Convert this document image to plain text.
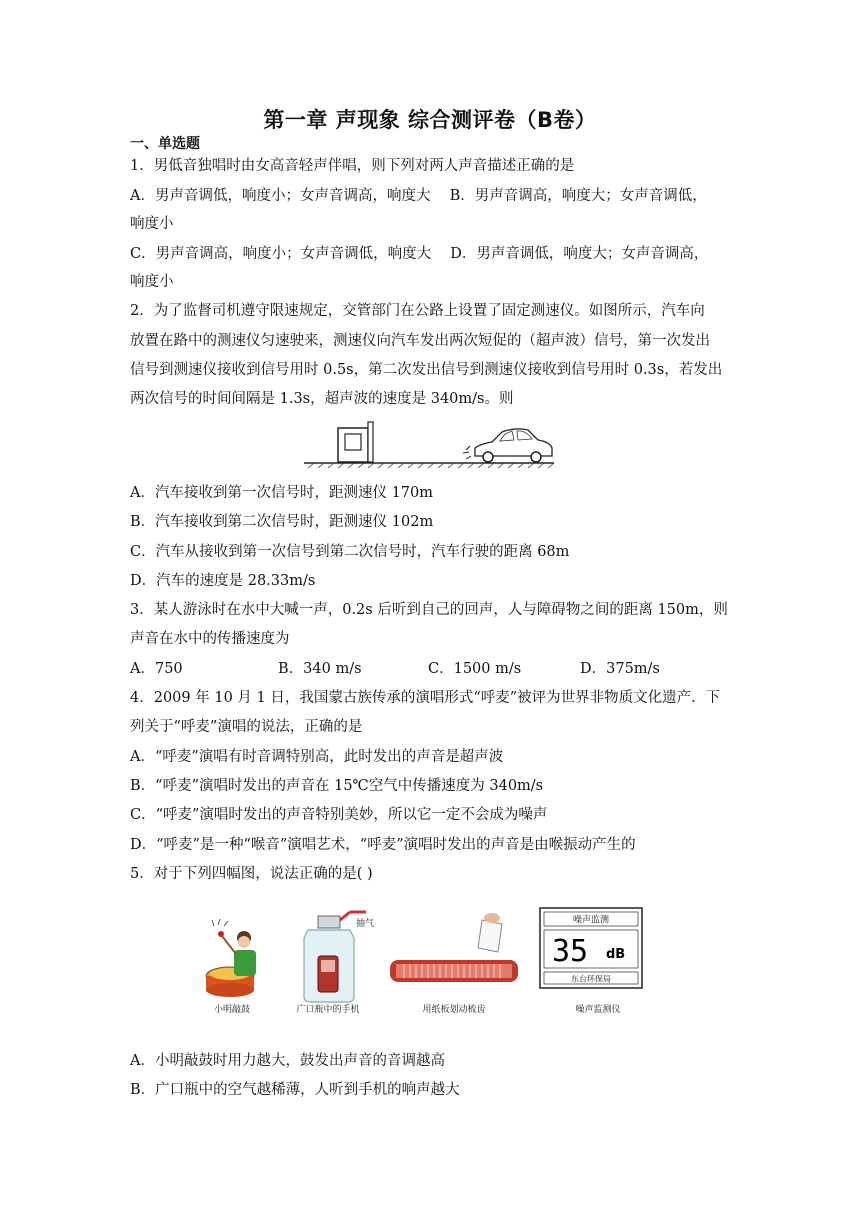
第一章 声现象 综合测评卷（B卷）
一、单选题
1．男低音独唱时由女高音轻声伴唱，则下列对两人声音描述正确的是
A．男声音调低，响度小；女声音调高，响度大　 B．男声音调高，响度大；女声音调低，
响度小
C．男声音调高，响度小；女声音调低，响度大　 D．男声音调低，响度大；女声音调高，
响度小
2．为了监督司机遵守限速规定，交管部门在公路上设置了固定测速仪。如图所示，汽车向
放置在路中的测速仪匀速驶来，测速仪向汽车发出两次短促的（超声波）信号，第一次发出
信号到测速仪接收到信号用时 0.5s，第二次发出信号到测速仪接收到信号用时 0.3s，若发出
两次信号的时间间隔是 1.3s，超声波的速度是 340m/s。则
A．汽车接收到第一次信号时，距测速仪 170m
B．汽车接收到第二次信号时，距测速仪 102m
C．汽车从接收到第一次信号到第二次信号时，汽车行驶的距离 68m
D．汽车的速度是 28.33m/s
3．某人游泳时在水中大喊一声，0.2s 后听到自己的回声，人与障碍物之间的距离 150m，则
声音在水中的传播速度为
A．750	B．340 m/s	C．1500 m/s	D．375m/s
4．2009 年 10 月 1 日，我国蒙古族传承的演唱形式“呼麦”被评为世界非物质文化遗产．下
列关于“呼麦”演唱的说法，正确的是
A．“呼麦”演唱有时音调特别高，此时发出的声音是超声波
B．“呼麦”演唱时发出的声音在 15℃空气中传播速度为 340m/s
C．“呼麦”演唱时发出的声音特别美妙，所以它一定不会成为噪声
D．“呼麦”是一种“喉音”演唱艺术，“呼麦”演唱时发出的声音是由喉振动产生的
5．对于下列四幅图，说法正确的是( )
抽气	噪声监测
35 dB
东台环保局
小明敲鼓	广口瓶中的手机	用纸板划动梳齿	噪声监测仪
A．小明敲鼓时用力越大，鼓发出声音的音调越高
B．广口瓶中的空气越稀薄，人听到手机的响声越大
